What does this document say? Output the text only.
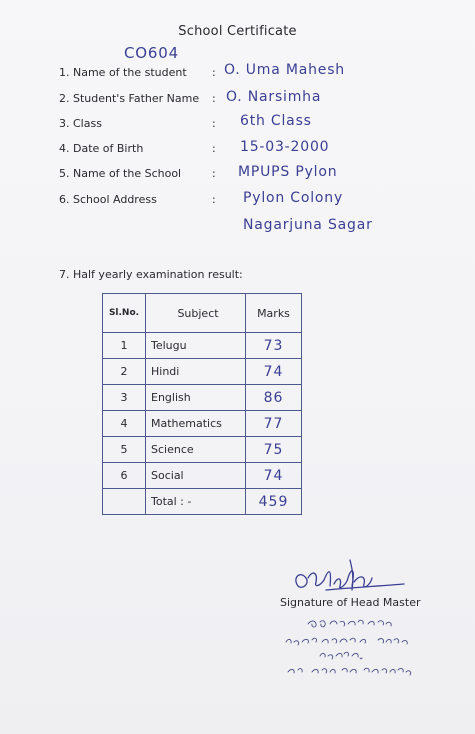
School Certificate
CO604
1. Name of the student : O. Uma Mahesh
2. Student's Father Name : O. Narsimha
3. Class	: 6th Class
4. Date of Birth	: 15-03-2000
5. Name of the School	: MPUPS Pylon
6. School Address	: Pylon Colony
Nagarjuna Sagar
7. Half yearly examination result:
Sl.No.	Subject	Marks
1	Telugu	73
2	Hindi	74
3	English	86
4	Mathematics	77
5	Science	75
6	Social	74
	Total : -	459
Signature of Head Master
